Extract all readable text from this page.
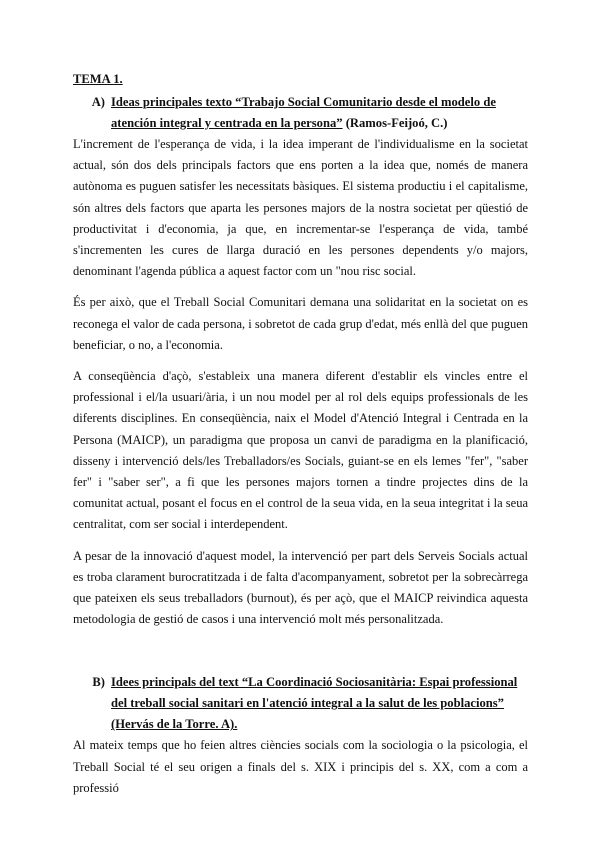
TEMA 1.
A) Ideas principales texto “Trabajo Social Comunitario desde el modelo de atención integral y centrada en la persona” (Ramos-Feijoó, C.)

L'increment de l'esperança de vida, i la idea imperant de l'individualisme en la societat actual, són dos dels principals factors que ens porten a la idea que, només de manera autònoma es puguen satisfer les necessitats bàsiques. El sistema productiu i el capitalisme, són altres dels factors que aparta les persones majors de la nostra societat per qüestió de productivitat i d'economia, ja que, en incrementar-se l'esperança de vida, també s'incrementen les cures de llarga duració en les persones dependents y/o majors, denominant l'agenda pública a aquest factor com un "nou risc social.

És per això, que el Treball Social Comunitari demana una solidaritat en la societat on es reconega el valor de cada persona, i sobretot de cada grup d'edat, més enllà del que puguen beneficiar, o no, a l'economia.

A conseqüència d'açò, s'estableix una manera diferent d'establir els vincles entre el professional i el/la usuari/ària, i un nou model per al rol dels equips professionals de les diferents disciplines. En conseqüència, naix el Model d'Atenció Integral i Centrada en la Persona (MAICP), un paradigma que proposa un canvi de paradigma en la planificació, disseny i intervenció dels/les Treballadors/es Socials, guiant-se en els lemes "fer", "saber fer" i "saber ser", a fi que les persones majors tornen a tindre projectes dins de la comunitat actual, posant el focus en el control de la seua vida, en la seua integritat i la seua centralitat, com ser social i interdependent.

A pesar de la innovació d'aquest model, la intervenció per part dels Serveis Socials actual es troba clarament burocratitzada i de falta d'acompanyament, sobretot per la sobrecàrrega que pateixen els seus treballadors (burnout), és per açò, que el MAICP reivindica aquesta metodologia de gestió de casos i una intervenció molt més personalitzada.

B) Idees principals del text “La Coordinació Sociosanitària: Espai professional del treball social sanitari en l'atenció integral a la salut de les poblacions” (Hervás de la Torre. A).

Al mateix temps que ho feien altres ciències socials com la sociologia o la psicologia, el Treball Social té el seu origen a finals del s. XIX i principis del s. XX, com a com a professió
